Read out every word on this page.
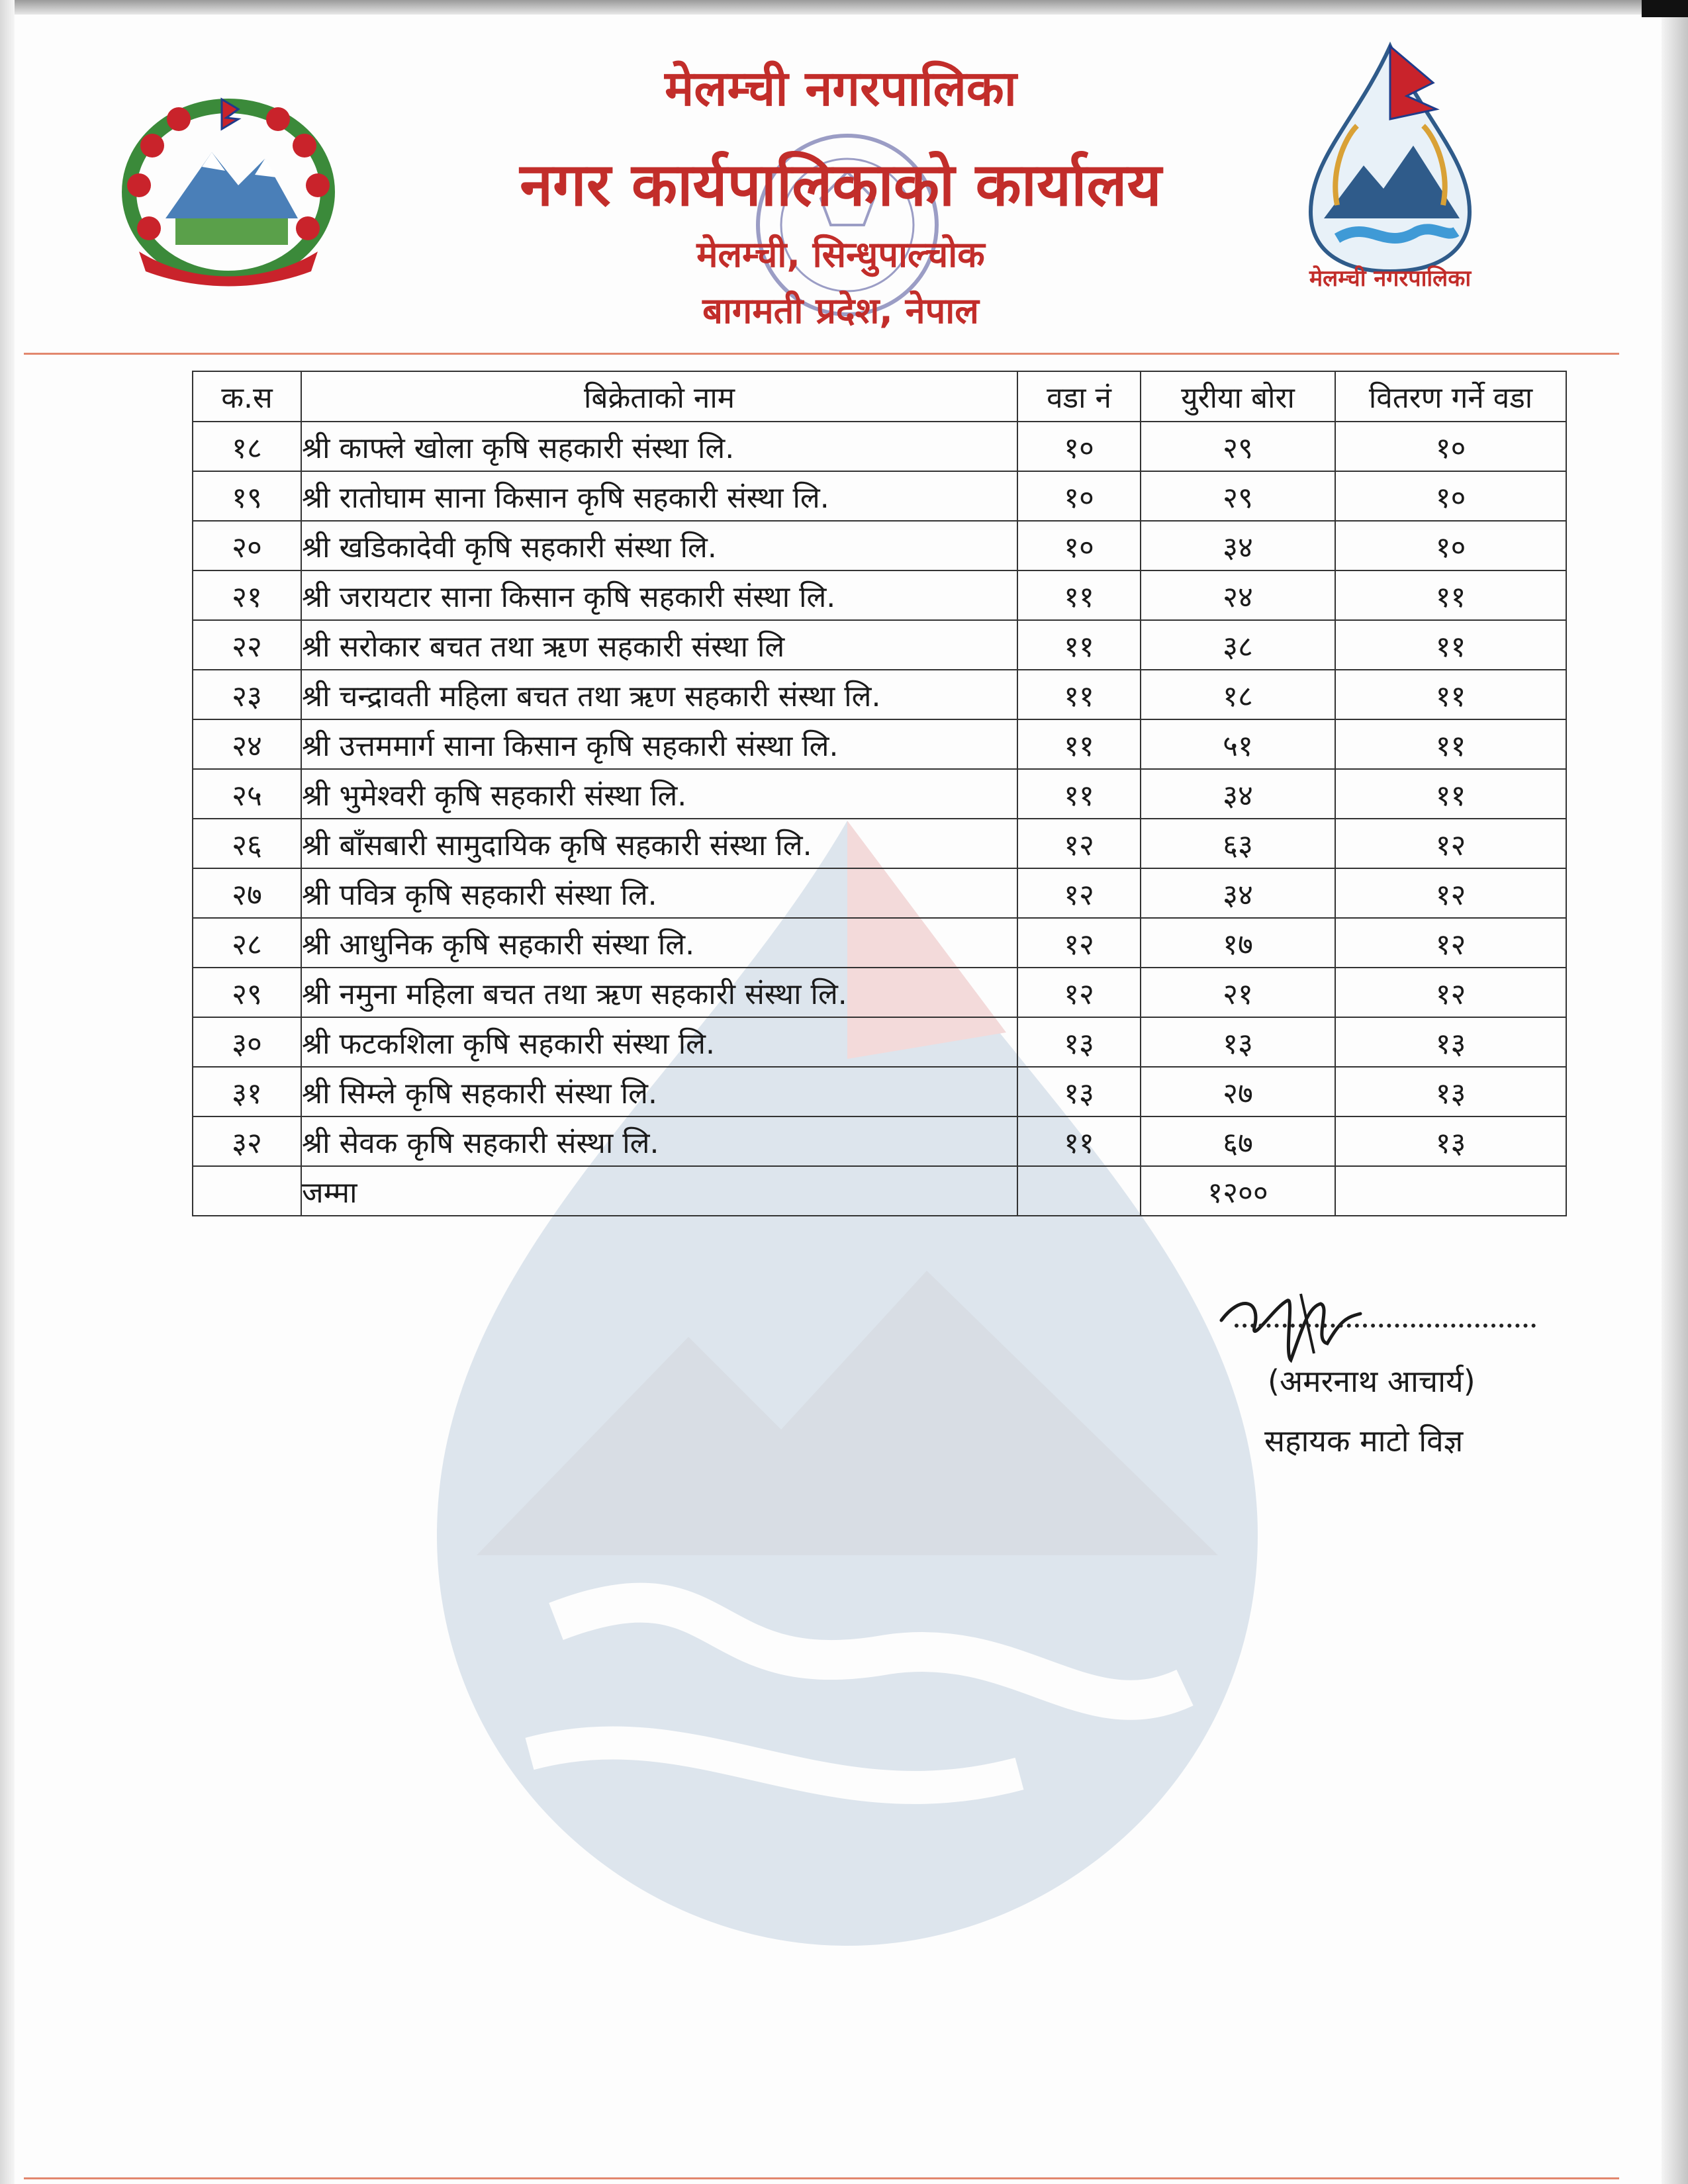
मेलम्ची नगरपालिका
नगर कार्यपालिकाको कार्यालय
मेलम्ची, सिन्धुपाल्चोक
बागमती प्रदेश, नेपाल
मेलम्ची नगरपालिका
क.स	बिक्रेताको नाम	वडा नं	युरीया बोरा	वितरण गर्ने वडा
१८	श्री काफ्ले खोला कृषि सहकारी संस्था लि.	१०	२९	१०
१९	श्री रातोघाम साना किसान कृषि सहकारी संस्था लि.	१०	२९	१०
२०	श्री खडिकादेवी कृषि सहकारी संस्था लि.	१०	३४	१०
२१	श्री जरायटार साना किसान कृषि सहकारी संस्था लि.	११	२४	११
२२	श्री सरोकार बचत तथा ऋण सहकारी संस्था लि	११	३८	११
२३	श्री चन्द्रावती महिला बचत तथा ऋण सहकारी संस्था लि.	११	१८	११
२४	श्री उत्तममार्ग साना किसान कृषि सहकारी संस्था लि.	११	५१	११
२५	श्री भुमेश्वरी कृषि सहकारी संस्था लि.	११	३४	११
२६	श्री बाँसबारी सामुदायिक कृषि सहकारी संस्था लि.	१२	६३	१२
२७	श्री पवित्र कृषि सहकारी संस्था लि.	१२	३४	१२
२८	श्री आधुनिक कृषि सहकारी संस्था लि.	१२	१७	१२
२९	श्री नमुना महिला बचत तथा ऋण सहकारी संस्था लि.	१२	२१	१२
३०	श्री फटकशिला कृषि सहकारी संस्था लि.	१३	१३	१३
३१	श्री सिम्ले कृषि सहकारी संस्था लि.	१३	२७	१३
३२	श्री सेवक कृषि सहकारी संस्था लि.	११	६७	१३
	जम्मा		१२००	
(अमरनाथ आचार्य)
सहायक माटो विज्ञ
